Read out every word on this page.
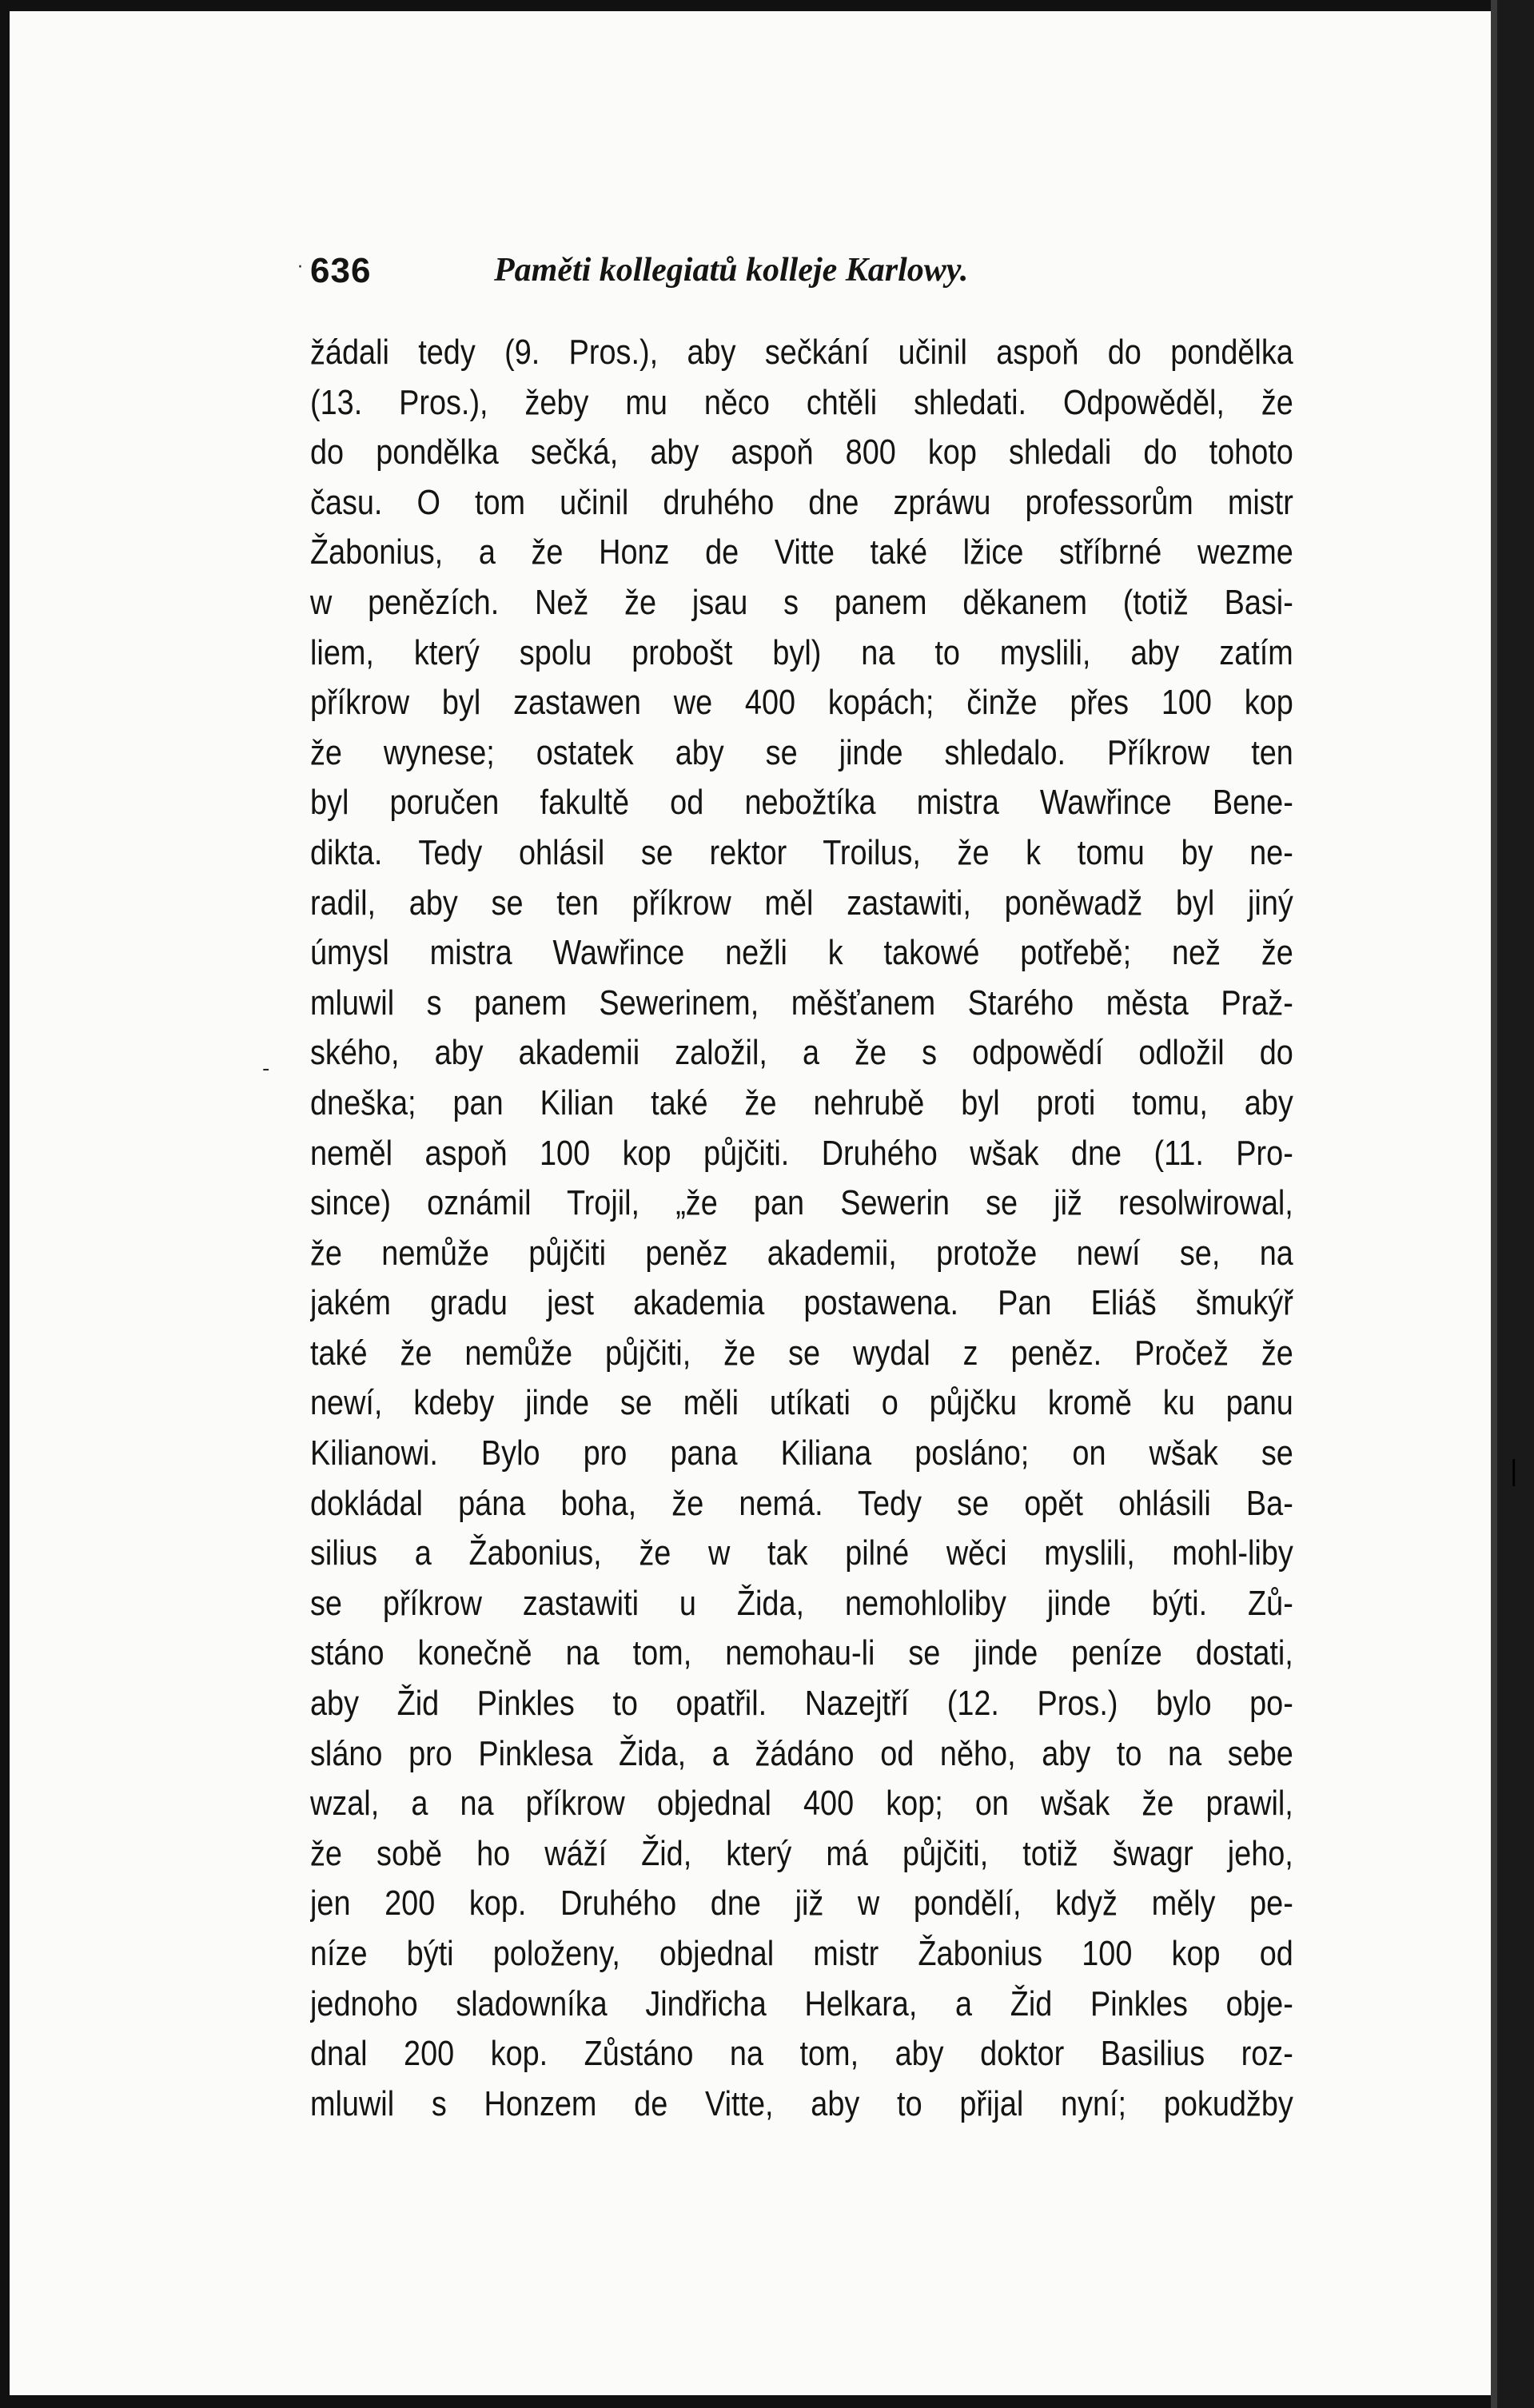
·
-
|
636	Paměti kollegiatů kolleje Karlowy.
žádali tedy (9. Pros.), aby sečkání učinil aspoň do pondělka
(13. Pros.), žeby mu něco chtěli shledati. Odpowěděl, že
do pondělka sečká, aby aspoň 800 kop shledali do tohoto
času. O tom učinil druhého dne zpráwu professorům mistr
Žabonius, a že Honz de Vitte také lžice stříbrné wezme
w penězích. Než že jsau s panem děkanem (totiž Basi-
liem, který spolu probošt byl) na to myslili, aby zatím
příkrow byl zastawen we 400 kopách; činže přes 100 kop
že wynese; ostatek aby se jinde shledalo. Příkrow ten
byl poručen fakultě od nebožtíka mistra Wawřince Bene-
dikta. Tedy ohlásil se rektor Troilus, že k tomu by ne-
radil, aby se ten příkrow měl zastawiti, poněwadž byl jiný
úmysl mistra Wawřince nežli k takowé potřebě; než že
mluwil s panem Sewerinem, měšťanem Starého města Praž-
ského, aby akademii založil, a že s odpowědí odložil do
dneška; pan Kilian také že nehrubě byl proti tomu, aby
neměl aspoň 100 kop půjčiti. Druhého wšak dne (11. Pro-
since) oznámil Trojil, „že pan Sewerin se již resolwirowal,
že nemůže půjčiti peněz akademii, protože newí se, na
jakém gradu jest akademia postawena. Pan Eliáš šmukýř
také že nemůže půjčiti, že se wydal z peněz. Pročež že
newí, kdeby jinde se měli utíkati o půjčku kromě ku panu
Kilianowi. Bylo pro pana Kiliana posláno; on wšak se
dokládal pána boha, že nemá. Tedy se opět ohlásili Ba-
silius a Žabonius, že w tak pilné wěci myslili, mohl-liby
se příkrow zastawiti u Žida, nemohloliby jinde býti. Zů-
stáno konečně na tom, nemohau-li se jinde peníze dostati,
aby Žid Pinkles to opatřil. Nazejtří (12. Pros.) bylo po-
sláno pro Pinklesa Žida, a žádáno od něho, aby to na sebe
wzal, a na příkrow objednal 400 kop; on wšak že prawil,
že sobě ho wáží Žid, který má půjčiti, totiž šwagr jeho,
jen 200 kop. Druhého dne již w pondělí, když měly pe-
níze býti položeny, objednal mistr Žabonius 100 kop od
jednoho sladowníka Jindřicha Helkara, a Žid Pinkles obje-
dnal 200 kop. Zůstáno na tom, aby doktor Basilius roz-
mluwil s Honzem de Vitte, aby to přijal nyní; pokudžby
